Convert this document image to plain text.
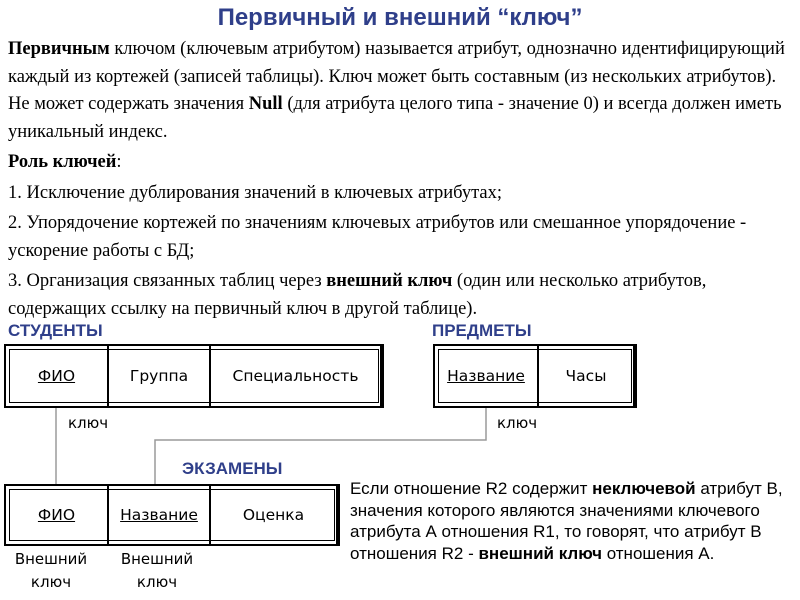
Первичный и внешний “ключ”

Первичным ключом (ключевым атрибутом) называется атрибут, однозначно идентифицирующий каждый из кортежей (записей таблицы). Ключ может быть составным (из нескольких атрибутов). Не может содержать значения Null (для атрибута целого типа - значение 0) и всегда должен иметь уникальный индекс.

Роль ключей:

1. Исключение дублирования значений в ключевых атрибутах;

2. Упорядочение кортежей по значениям ключевых атрибутов или смешанное упорядочение - ускорение работы с БД;

3. Организация связанных таблиц через внешний ключ (один или несколько атрибутов, содержащих ссылку на первичный ключ в другой таблице).

СТУДЕНТЫ
ФИО	Группа	Специальность
ПРЕДМЕТЫ
Название	Часы
ключ	ключ
ЭКЗАМЕНЫ
ФИО	Название	Оценка
Внешний
ключ
Внешний
ключ
Если отношение R2 содержит неключевой атрибут В, значения которого являются значениями ключевого атрибута А отношения R1, то говорят, что атрибут В отношения R2 - внешний ключ отношения А.
